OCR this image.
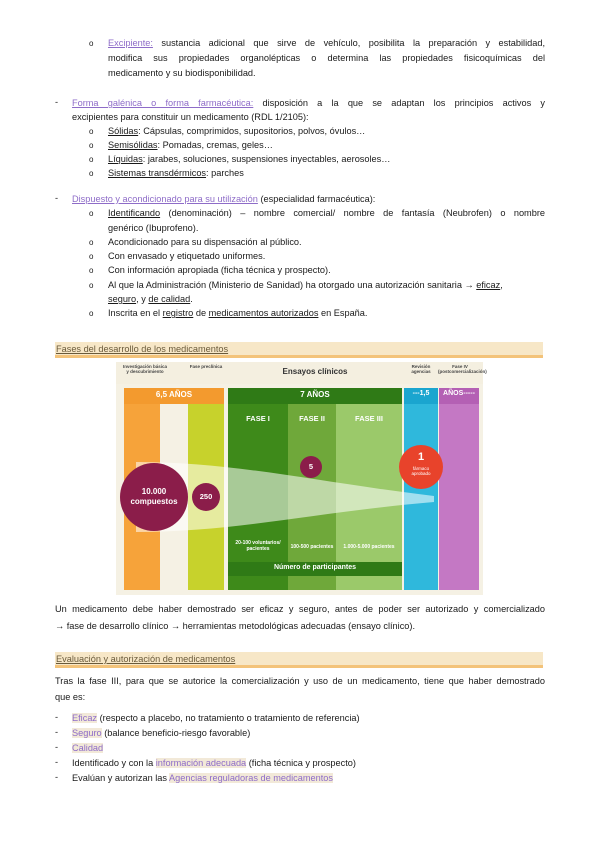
o Excipiente: sustancia adicional que sirve de vehículo, posibilita la preparación y estabilidad,
modifica sus propiedades organolépticas o determina las propiedades fisicoquímicas del
medicamento y su biodisponibilidad.
- Forma galénica o forma farmacéutica: disposición a la que se adaptan los principios activos y
excipientes para constituir un medicamento (RDL 1/2105):
o Sólidas: Cápsulas, comprimidos, supositorios, polvos, óvulos…
o Semisólidas: Pomadas, cremas, geles…
o Líquidas: jarabes, soluciones, suspensiones inyectables, aerosoles…
o Sistemas transdérmicos: parches
- Dispuesto y acondicionado para su utilización (especialidad farmacéutica):
o Identificando (denominación) – nombre comercial/ nombre de fantasía (Neubrofen) o nombre
genérico (Ibuprofeno).
o Acondicionado para su dispensación al público.
o Con envasado y etiquetado uniformes.
o Con información apropiada (ficha técnica y prospecto).
o Al que la Administración (Ministerio de Sanidad) ha otorgado una autorización sanitaria → eficaz,
seguro, y de calidad.
o Inscrita en el registro de medicamentos autorizados en España.
Fases del desarrollo de los medicamentos
Investigación básica y descubrimiento
Fase preclínica
Ensayos clínicos
Revisión agencias
Fase IV (postcomercialización)
6,5 AÑOS	7 AÑOS	---1,5	AÑOS-----
FASE I	FASE II	FASE III
10.000
compuestos
250
5
1
fármaco aprobado
20-100 voluntarios/ pacientes	100-500 pacientes	1.000-5.000 pacientes
Número de participantes
Un medicamento debe haber demostrado ser eficaz y seguro, antes de poder ser autorizado y comercializado
→ fase de desarrollo clínico → herramientas metodológicas adecuadas (ensayo clínico).
Evaluación y autorización de medicamentos
Tras la fase III, para que se autorice la comercialización y uso de un medicamento, tiene que haber demostrado
que es:
- Eficaz (respecto a placebo, no tratamiento o tratamiento de referencia)
- Seguro (balance beneficio-riesgo favorable)
- Calidad
- Identificado y con la información adecuada (ficha técnica y prospecto)
- Evalúan y autorizan las Agencias reguladoras de medicamentos
